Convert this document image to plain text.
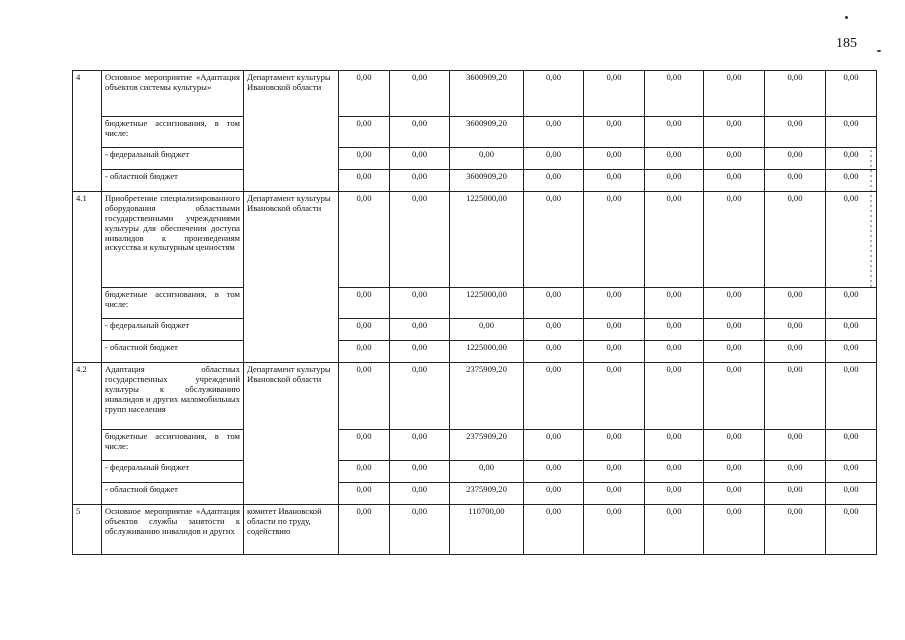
185
4	Основное мероприятие «Адаптация объектов системы культуры»	Департамент культуры Ивановской области	0,00	0,00	3600909,20	0,00	0,00	0,00	0,00	0,00	0,00
	бюджетные ассигнования, в том числе:		0,00	0,00	3600909,20	0,00	0,00	0,00	0,00	0,00	0,00
	- федеральный бюджет		0,00	0,00	0,00	0,00	0,00	0,00	0,00	0,00	0,00
	- областной бюджет		0,00	0,00	3600909,20	0,00	0,00	0,00	0,00	0,00	0,00
4.1	Приобретение специализированного оборудования областными государственными учреждениями культуры для обеспечения доступа инвалидов к произведениям искусства и культурным ценностям	Департамент культуры Ивановской области	0,00	0,00	1225000,00	0,00	0,00	0,00	0,00	0,00	0,00
	бюджетные ассигнования, в том числе:		0,00	0,00	1225000,00	0,00	0,00	0,00	0,00	0,00	0,00
	- федеральный бюджет		0,00	0,00	0,00	0,00	0,00	0,00	0,00	0,00	0,00
	- областной бюджет		0,00	0,00	1225000,00	0,00	0,00	0,00	0,00	0,00	0,00
4.2	Адаптация областных государственных учреждений культуры к обслуживанию инвалидов и других маломобильных групп населения	Департамент культуры Ивановской области	0,00	0,00	2375909,20	0,00	0,00	0,00	0,00	0,00	0,00
	бюджетные ассигнования, в том числе:		0,00	0,00	2375909,20	0,00	0,00	0,00	0,00	0,00	0,00
	- федеральный бюджет		0,00	0,00	0,00	0,00	0,00	0,00	0,00	0,00	0,00
	- областной бюджет		0,00	0,00	2375909,20	0,00	0,00	0,00	0,00	0,00	0,00
5	Основное мероприятие «Адаптация объектов службы занятости к обслуживанию инвалидов и других	комитет Ивановской области по труду, содействию	0,00	0,00	110700,00	0,00	0,00	0,00	0,00	0,00	0,00
